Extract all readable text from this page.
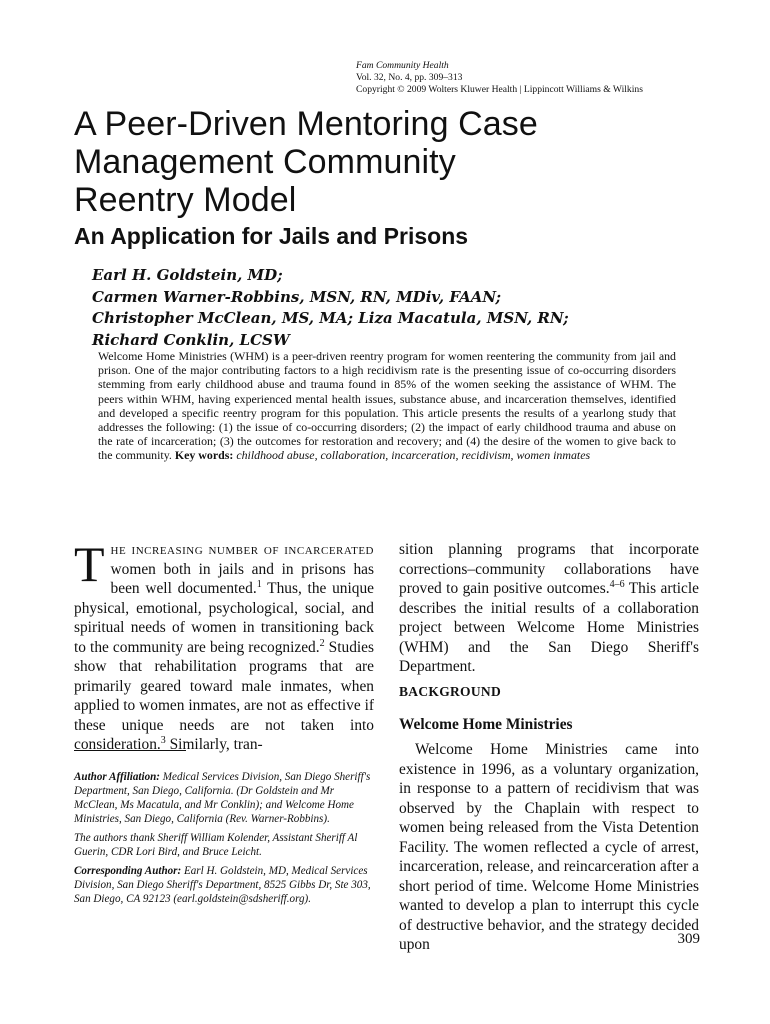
Fam Community Health
Vol. 32, No. 4, pp. 309–313
Copyright © 2009 Wolters Kluwer Health | Lippincott Williams & Wilkins
A Peer-Driven Mentoring Case
Management Community
Reentry Model
An Application for Jails and Prisons
Earl H. Goldstein, MD;
Carmen Warner-Robbins, MSN, RN, MDiv, FAAN;
Christopher McClean, MS, MA; Liza Macatula, MSN, RN;
Richard Conklin, LCSW
Welcome Home Ministries (WHM) is a peer-driven reentry program for women reentering the community from jail and prison. One of the major contributing factors to a high recidivism rate is the presenting issue of co-occurring disorders stemming from early childhood abuse and trauma found in 85% of the women seeking the assistance of WHM. The peers within WHM, having experienced mental health issues, substance abuse, and incarceration themselves, identified and developed a specific reentry program for this population. This article presents the results of a yearlong study that addresses the following: (1) the issue of co-occurring disorders; (2) the impact of early childhood trauma and abuse on the rate of incarceration; (3) the outcomes for restoration and recovery; and (4) the desire of the women to give back to the community. Key words: childhood abuse, collaboration, incarceration, recidivism, women inmates

The increasing number of incarcerated women both in jails and in prisons has been well documented.$^1$ Thus, the unique physical, emotional, psychological, social, and spiritual needs of women in transitioning back to the community are being recognized.$^2$ Studies show that rehabilitation programs that are primarily geared toward male inmates, when applied to women inmates, are not as effective if these unique needs are not taken into consideration.$^3$ Similarly, tran-

sition planning programs that incorporate corrections–community collaborations have proved to gain positive outcomes.$^{4-6}$ This article describes the initial results of a collaboration project between Welcome Home Ministries (WHM) and the San Diego Sheriff's Department.

BACKGROUND
Welcome Home Ministries

Welcome Home Ministries came into existence in 1996, as a voluntary organization, in response to a pattern of recidivism that was observed by the Chaplain with respect to women being released from the Vista Detention Facility. The women reflected a cycle of arrest, incarceration, release, and reincarceration after a short period of time. Welcome Home Ministries wanted to develop a plan to interrupt this cycle of destructive behavior, and the strategy decided upon

Author Affiliation: Medical Services Division, San Diego Sheriff's Department, San Diego, California. (Dr Goldstein and Mr McClean, Ms Macatula, and Mr Conklin); and Welcome Home Ministries, San Diego, California (Rev. Warner-Robbins).

The authors thank Sheriff William Kolender, Assistant Sheriff Al Guerin, CDR Lori Bird, and Bruce Leicht.

Corresponding Author: Earl H. Goldstein, MD, Medical Services Division, San Diego Sheriff's Department, 8525 Gibbs Dr, Ste 303, San Diego, CA 92123 (earl.goldstein@sdsheriff.org).

309
